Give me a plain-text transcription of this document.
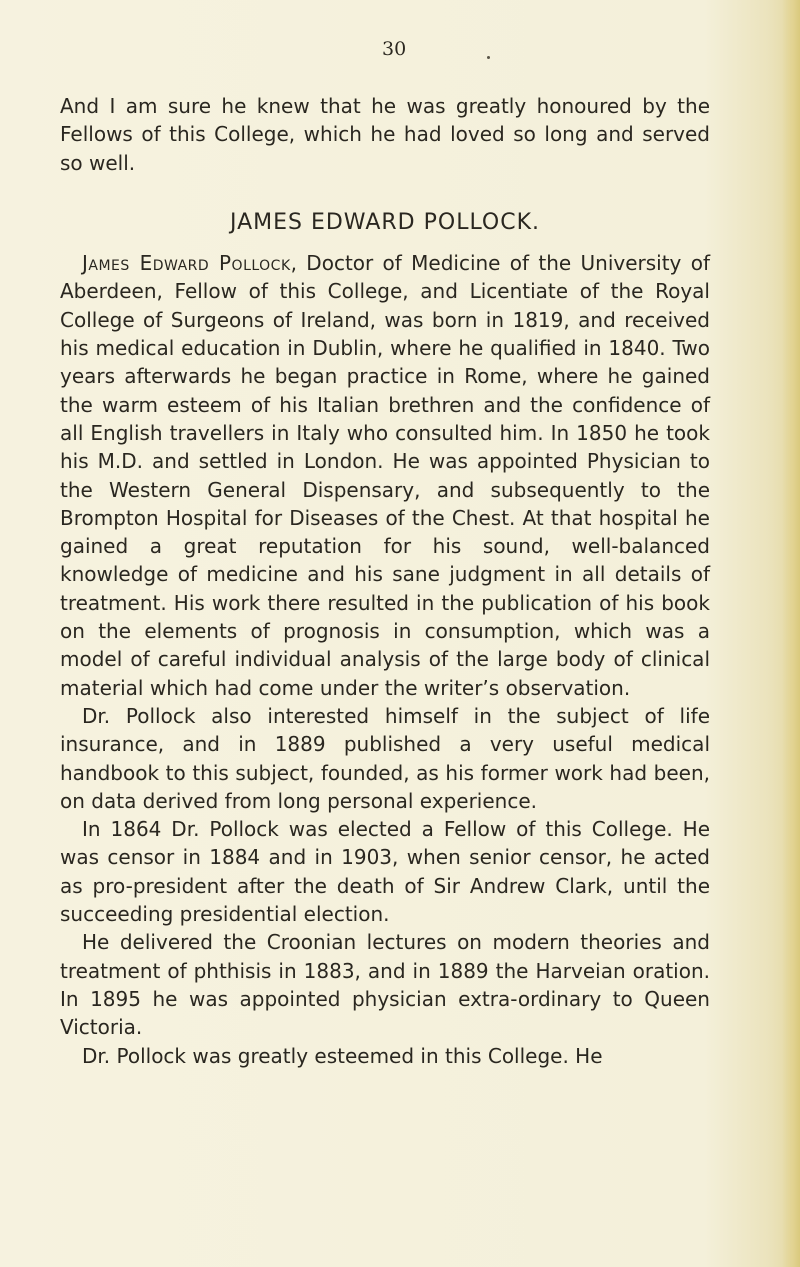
30

And I am sure he knew that he was greatly honoured by the Fellows of this College, which he had loved so long and served so well.

JAMES EDWARD POLLOCK.

James Edward Pollock, Doctor of Medicine of the University of Aberdeen, Fellow of this College, and Licentiate of the Royal College of Surgeons of Ireland, was born in 1819, and received his medical education in Dublin, where he qualified in 1840. Two years afterwards he began practice in Rome, where he gained the warm esteem of his Italian brethren and the confidence of all English travellers in Italy who consulted him. In 1850 he took his M.D. and settled in London. He was appointed Physician to the Western General Dispensary, and subsequently to the Brompton Hospital for Diseases of the Chest. At that hospital he gained a great reputation for his sound, well-balanced knowledge of medicine and his sane judgment in all details of treatment. His work there resulted in the publication of his book on the elements of prognosis in consumption, which was a model of careful individual analysis of the large body of clinical material which had come under the writer’s observation.

Dr. Pollock also interested himself in the subject of life insurance, and in 1889 published a very useful medical handbook to this subject, founded, as his former work had been, on data derived from long personal experience.

In 1864 Dr. Pollock was elected a Fellow of this College. He was censor in 1884 and in 1903, when senior censor, he acted as pro-president after the death of Sir Andrew Clark, until the succeeding presidential election.

He delivered the Croonian lectures on modern theories and treatment of phthisis in 1883, and in 1889 the Harveian oration. In 1895 he was appointed physician extra-ordinary to Queen Victoria.

Dr. Pollock was greatly esteemed in this College. He
